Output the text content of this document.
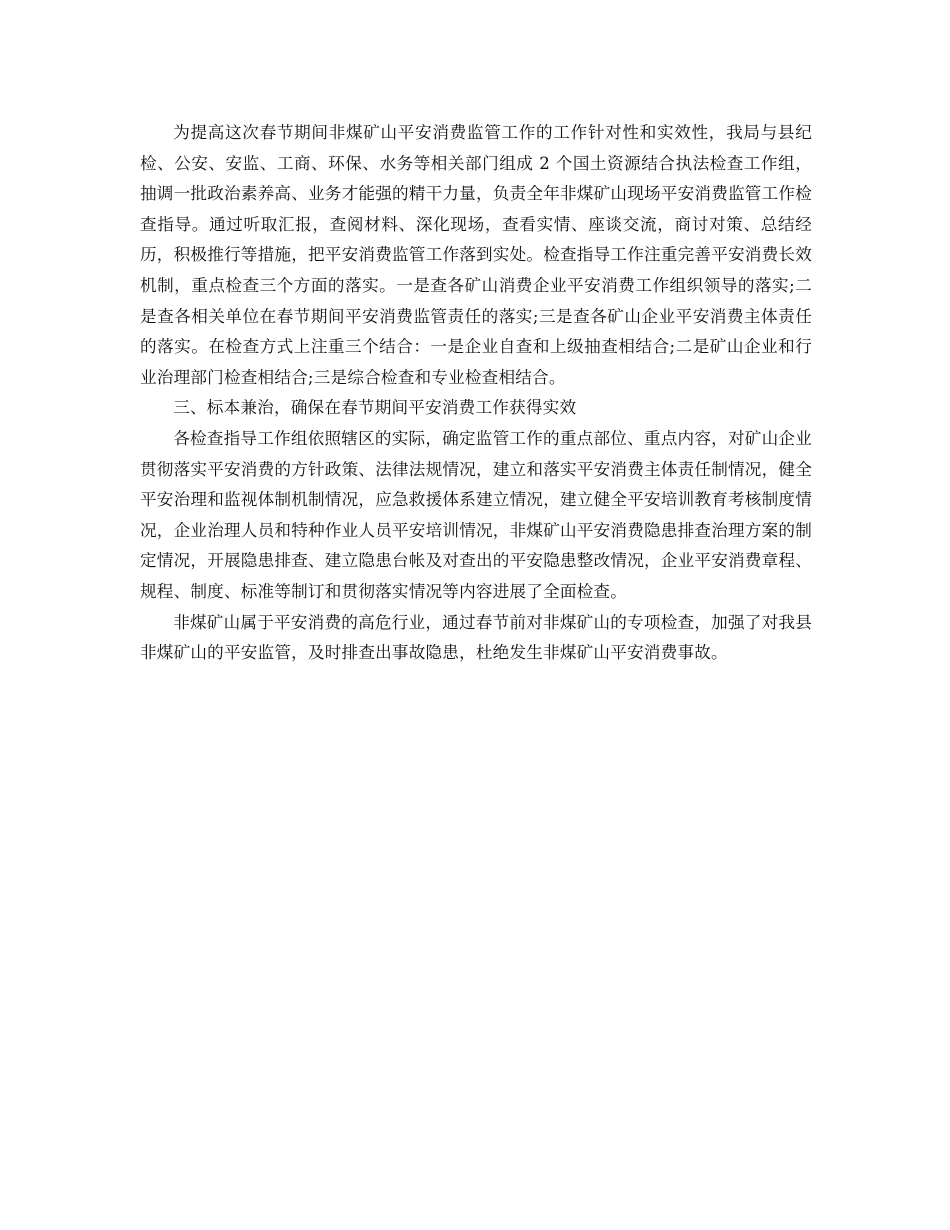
为提高这次春节期间非煤矿山平安消费监管工作的工作针对性和实效性，我局与县纪检、公安、安监、工商、环保、水务等相关部门组成 2 个国土资源结合执法检查工作组，抽调一批政治素养高、业务才能强的精干力量，负责全年非煤矿山现场平安消费监管工作检查指导。通过听取汇报，查阅材料、深化现场，查看实情、座谈交流，商讨对策、总结经历，积极推行等措施，把平安消费监管工作落到实处。检查指导工作注重完善平安消费长效机制，重点检查三个方面的落实。一是查各矿山消费企业平安消费工作组织领导的落实;二是查各相关单位在春节期间平安消费监管责任的落实;三是查各矿山企业平安消费主体责任的落实。在检查方式上注重三个结合：一是企业自查和上级抽查相结合;二是矿山企业和行业治理部门检查相结合;三是综合检查和专业检查相结合。

三、标本兼治，确保在春节期间平安消费工作获得实效

各检查指导工作组依照辖区的实际，确定监管工作的重点部位、重点内容，对矿山企业贯彻落实平安消费的方针政策、法律法规情况，建立和落实平安消费主体责任制情况，健全平安治理和监视体制机制情况，应急救援体系建立情况，建立健全平安培训教育考核制度情况，企业治理人员和特种作业人员平安培训情况，非煤矿山平安消费隐患排查治理方案的制定情况，开展隐患排查、建立隐患台帐及对查出的平安隐患整改情况，企业平安消费章程、规程、制度、标准等制订和贯彻落实情况等内容进展了全面检查。

非煤矿山属于平安消费的高危行业，通过春节前对非煤矿山的专项检查，加强了对我县非煤矿山的平安监管，及时排查出事故隐患，杜绝发生非煤矿山平安消费事故。
